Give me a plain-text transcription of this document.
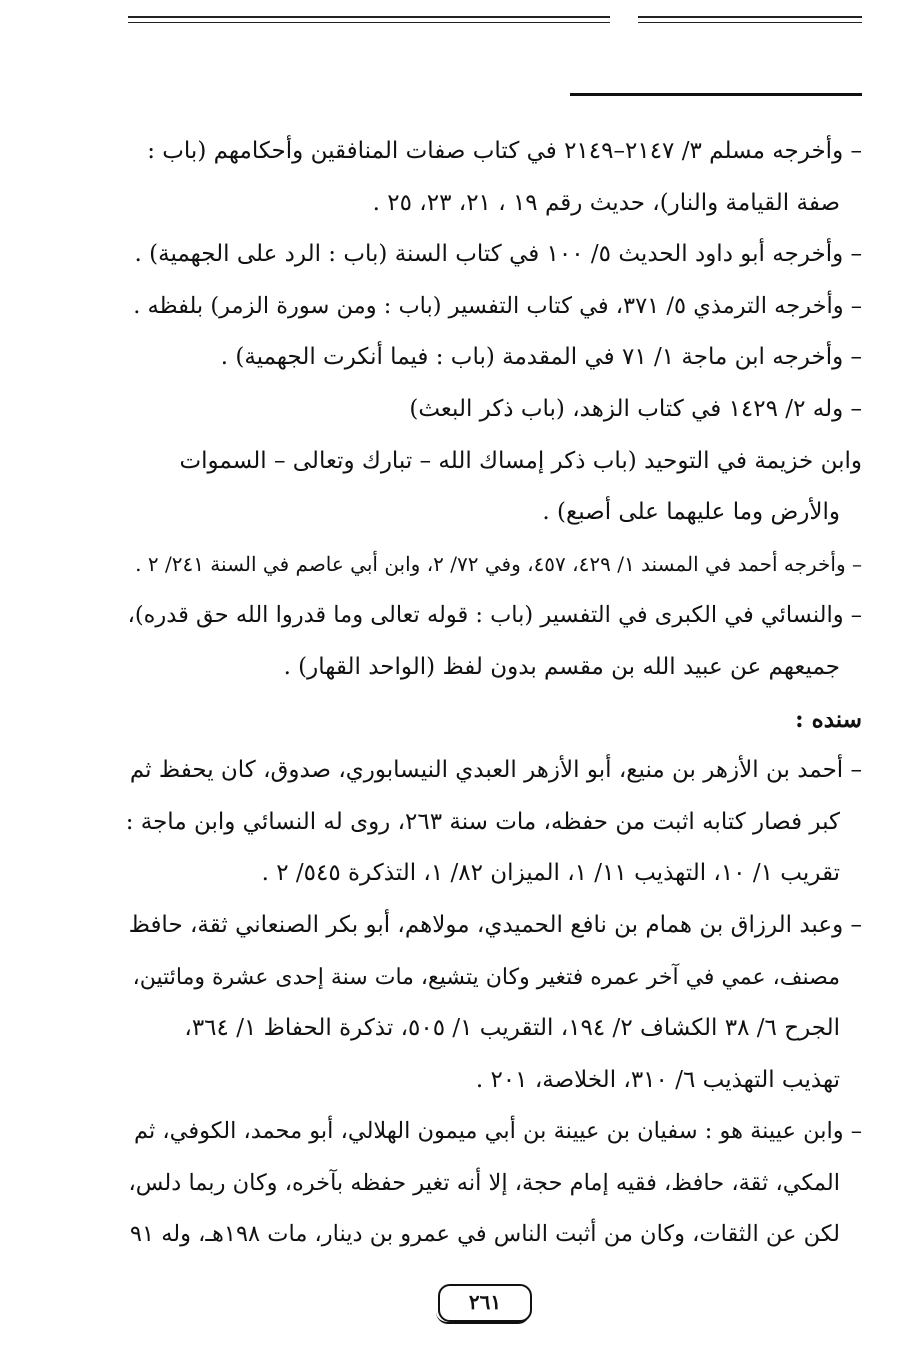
– وأخرجه مسلم ٣/ ٢١٤٧–٢١٤٩ في كتاب صفات المنافقين وأحكامهم (باب :
صفة القيامة والنار)، حديث رقم ١٩ ، ٢١، ٢٣، ٢٥ .
– وأخرجه أبو داود الحديث ٥/ ١٠٠ في كتاب السنة (باب : الرد على الجهمية) .
– وأخرجه الترمذي ٥/ ٣٧١، في كتاب التفسير (باب : ومن سورة الزمر) بلفظه .
– وأخرجه ابن ماجة ١/ ٧١ في المقدمة (باب : فيما أنكرت الجهمية) .
– وله ٢/ ١٤٢٩ في كتاب الزهد، (باب ذكر البعث)
وابن خزيمة في التوحيد (باب ذكر إمساك الله – تبارك وتعالى – السموات
والأرض وما عليهما على أصبع) .
– وأخرجه أحمد في المسند ١/ ٤٢٩، ٤٥٧، وفي ٧٢/ ٢، وابن أبي عاصم في السنة ٢٤١/ ٢ .
– والنسائي في الكبرى في التفسير (باب : قوله تعالى وما قدروا الله حق قدره)،
جميعهم عن عبيد الله بن مقسم بدون لفظ (الواحد القهار) .
سنده :
– أحمد بن الأزهر بن منيع، أبو الأزهر العبدي النيسابوري، صدوق، كان يحفظ ثم
كبر فصار كتابه اثبت من حفظه، مات سنة ٢٦٣، روى له النسائي وابن ماجة :
تقريب ١/ ١٠، التهذيب ١١/ ١، الميزان ٨٢/ ١، التذكرة ٥٤٥/ ٢ .
– وعبد الرزاق بن همام بن نافع الحميدي، مولاهم، أبو بكر الصنعاني ثقة، حافظ
مصنف، عمي في آخر عمره فتغير وكان يتشيع، مات سنة إحدى عشرة ومائتين،
الجرح ٦/ ٣٨ الكشاف ٢/ ١٩٤، التقريب ١/ ٥٠٥، تذكرة الحفاظ ١/ ٣٦٤،
تهذيب التهذيب ٦/ ٣١٠، الخلاصة، ٢٠١ .
– وابن عيينة هو : سفيان بن عيينة بن أبي ميمون الهلالي، أبو محمد، الكوفي، ثم
المكي، ثقة، حافظ، فقيه إمام حجة، إلا أنه تغير حفظه بآخره، وكان ربما دلس،
لكن عن الثقات، وكان من أثبت الناس في عمرو بن دينار، مات ١٩٨هـ، وله ٩١
٢٦١
